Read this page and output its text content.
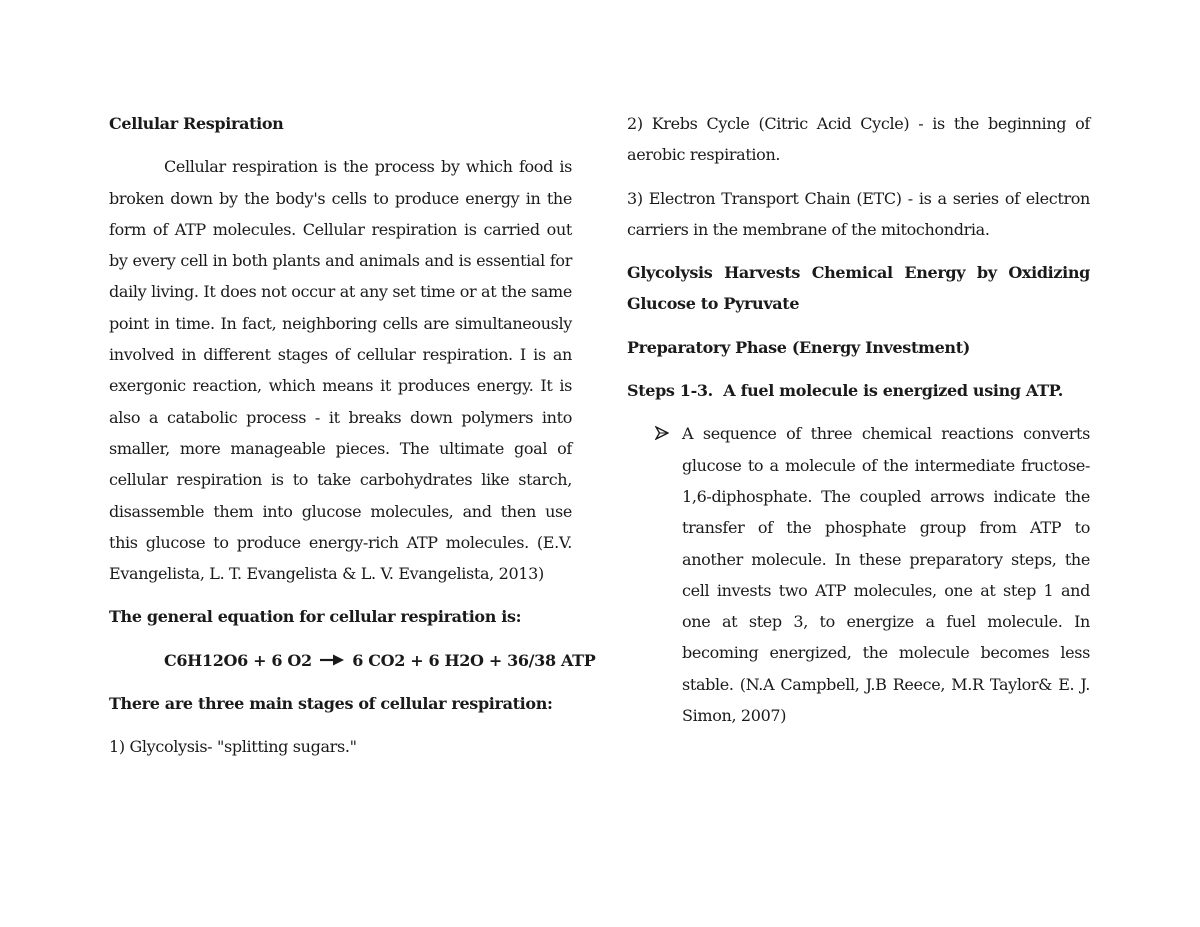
Cellular Respiration

Cellular respiration is the process by which food is broken down by the body's cells to produce energy in the form of ATP molecules. Cellular respiration is carried out by every cell in both plants and animals and is essential for daily living. It does not occur at any set time or at the same point in time. In fact, neighboring cells are simultaneously involved in different stages of cellular respiration. I is an exergonic reaction, which means it produces energy. It is also a catabolic process - it breaks down polymers into smaller, more manageable pieces. The ultimate goal of cellular respiration is to take carbohydrates like starch, disassemble them into glucose molecules, and then use this glucose to produce energy-rich ATP molecules. (E.V. Evangelista, L. T. Evangelista & L. V. Evangelista, 2013)

The general equation for cellular respiration is:

C6H12O6 + 6 O2	6 CO2 + 6 H2O + 36/38 ATP

There are three main stages of cellular respiration:

1) Glycolysis- "splitting sugars."

2) Krebs Cycle (Citric Acid Cycle) - is the beginning of aerobic respiration.

3) Electron Transport Chain (ETC) - is a series of electron carriers in the membrane of the mitochondria.

Glycolysis Harvests Chemical Energy by Oxidizing Glucose to Pyruvate

Preparatory Phase (Energy Investment)

Steps 1-3.  A fuel molecule is energized using ATP.

A sequence of three chemical reactions converts glucose to a molecule of the intermediate fructose-1,6-diphosphate. The coupled arrows indicate the transfer of the phosphate group from ATP to another molecule. In these preparatory steps, the cell invests two ATP molecules, one at step 1 and one at step 3, to energize a fuel molecule. In becoming energized, the molecule becomes less stable. (N.A Campbell, J.B Reece, M.R Taylor& E. J. Simon, 2007)
